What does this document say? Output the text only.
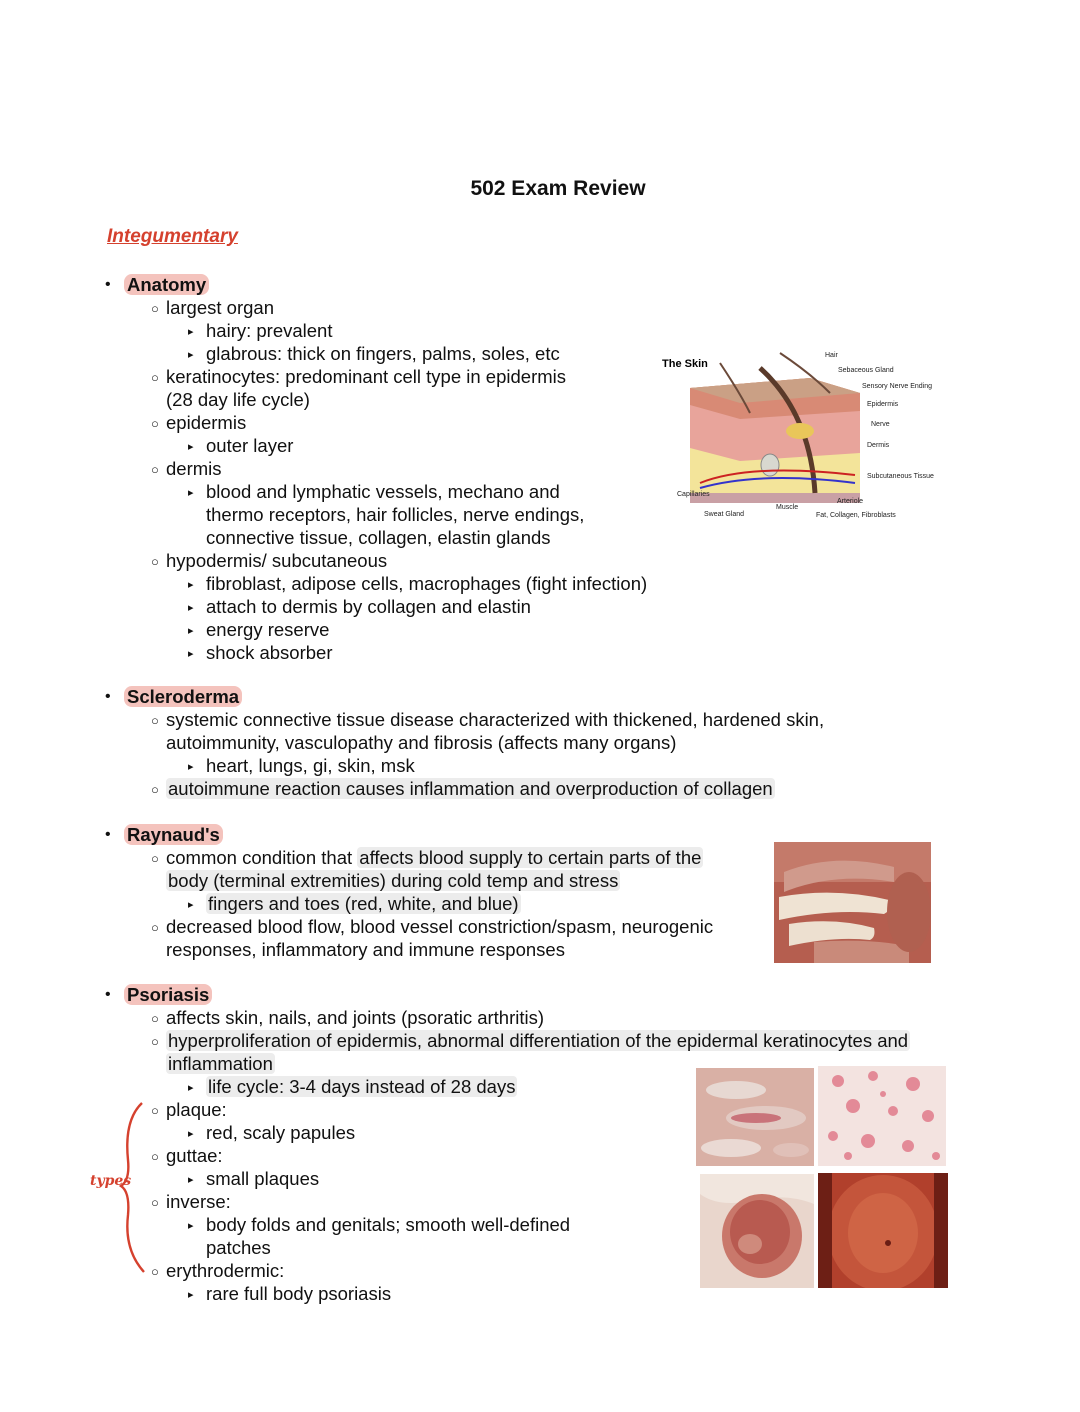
502 Exam Review
Integumentary
• Anatomy
○ largest organ
▸ hairy: prevalent
▸ glabrous: thick on fingers, palms, soles, etc
○ keratinocytes: predominant cell type in epidermis
(28 day life cycle)
○ epidermis
▸ outer layer
○ dermis
▸ blood and lymphatic vessels, mechano and
thermo receptors, hair follicles, nerve endings,
connective tissue, collagen, elastin glands
○ hypodermis/ subcutaneous
▸ fibroblast, adipose cells, macrophages (fight infection)
▸ attach to dermis by collagen and elastin
▸ energy reserve
▸ shock absorber
The Skin
Hair
Sebaceous Gland
Sensory Nerve Ending
Epidermis
Nerve
Dermis
Subcutaneous Tissue
Arteriole
Fat, Collagen, Fibroblasts
Capillaries
Muscle
Sweat Gland
• Scleroderma
○ systemic connective tissue disease characterized with thickened, hardened skin,
autoimmunity, vasculopathy and fibrosis (affects many organs)
▸ heart, lungs, gi, skin, msk
○ autoimmune reaction causes inflammation and overproduction of collagen
• Raynaud's
○ common condition that affects blood supply to certain parts of the
body (terminal extremities) during cold temp and stress
▸ fingers and toes (red, white, and blue)
○ decreased blood flow, blood vessel constriction/spasm, neurogenic
responses, inflammatory and immune responses
• Psoriasis
○ affects skin, nails, and joints (psoratic arthritis)
○ hyperproliferation of epidermis, abnormal differentiation of the epidermal keratinocytes and
inflammation
▸ life cycle: 3-4 days instead of 28 days
○ plaque:
▸ red, scaly papules
○ guttae:
▸ small plaques
○ inverse:
▸ body folds and genitals; smooth well-defined
patches
○ erythrodermic:
▸ rare full body psoriasis
types
